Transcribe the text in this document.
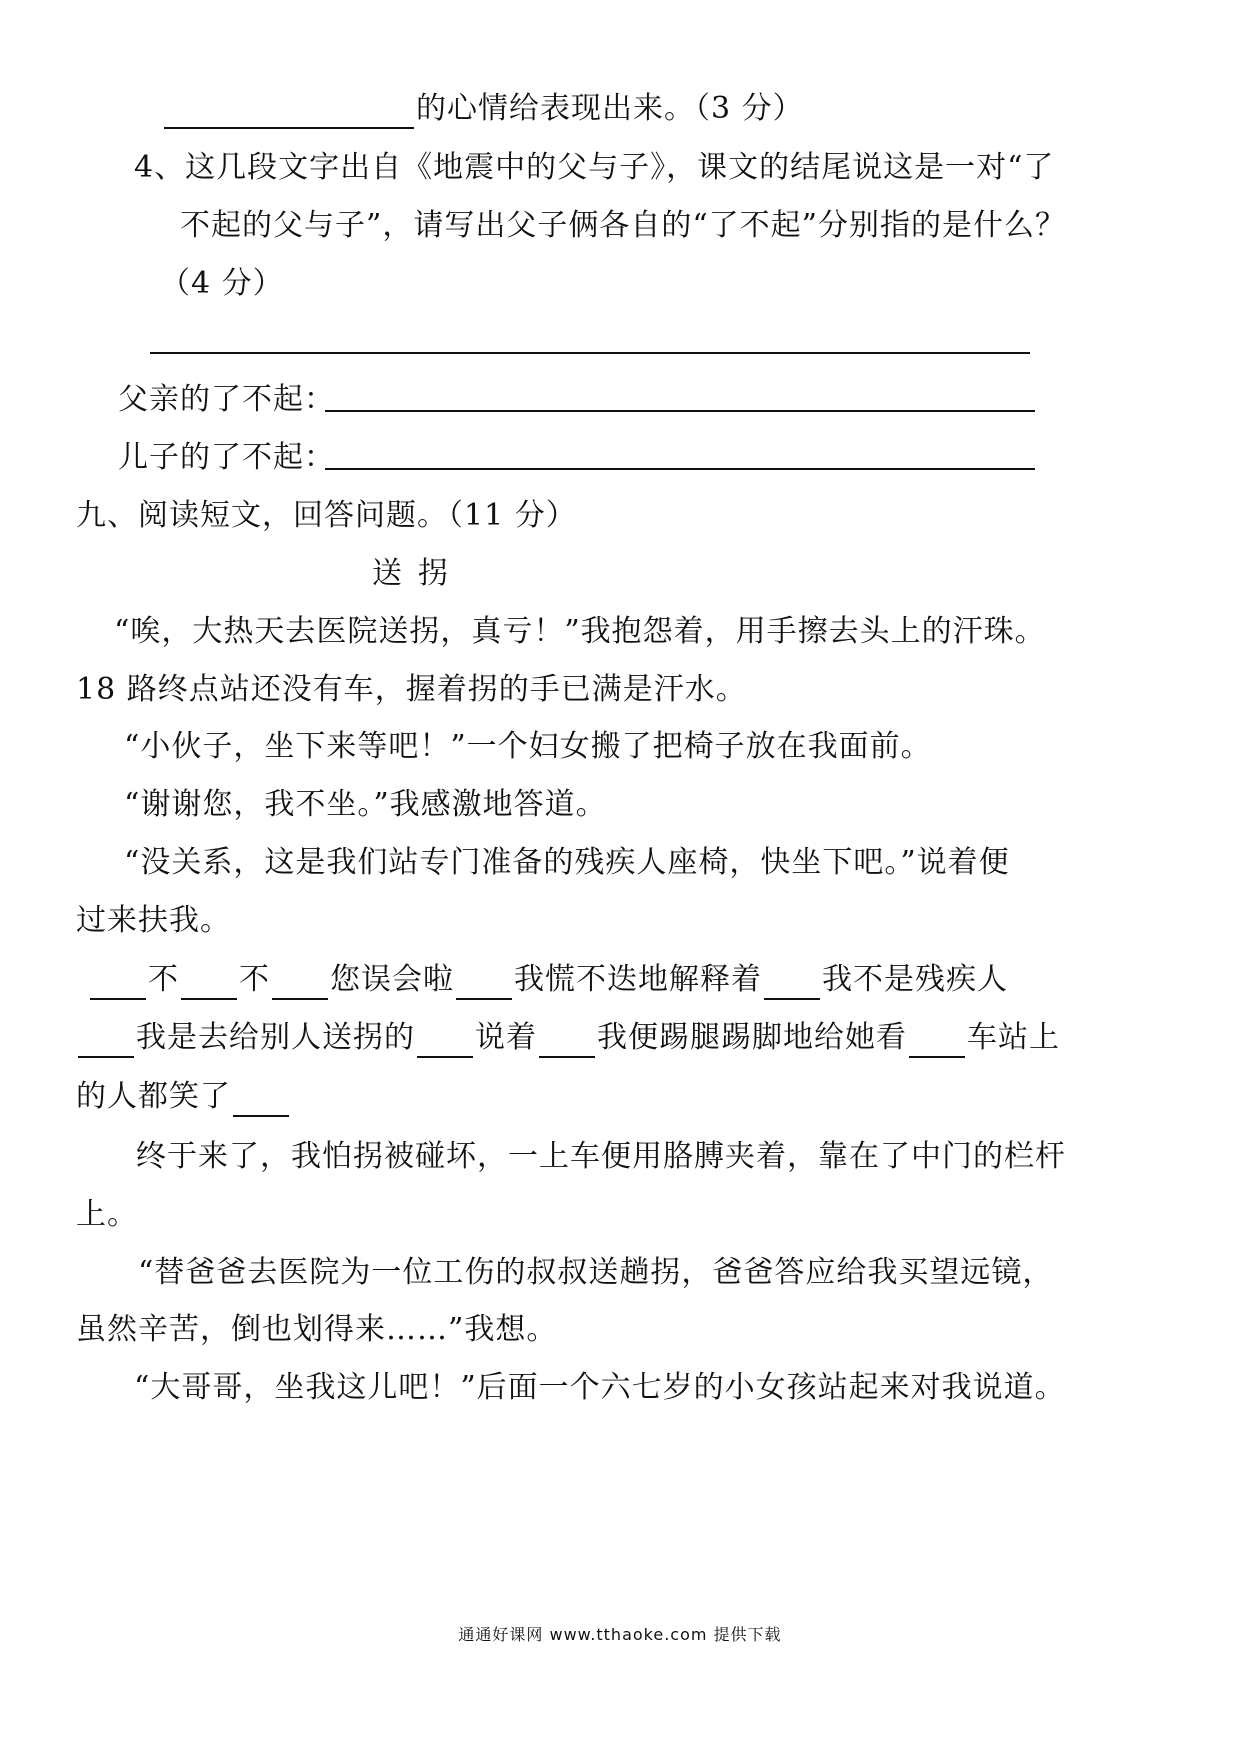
的心情给表现出来。（3 分）
4、这几段文字出自《地震中的父与子》，课文的结尾说这是一对“了
不起的父与子”，请写出父子俩各自的“了不起”分别指的是什么？
（4 分）
父亲的了不起：
儿子的了不起：
九、阅读短文，回答问题。（11 分）
送拐
“唉，大热天去医院送拐，真亏！”我抱怨着，用手擦去头上的汗珠。
18 路终点站还没有车，握着拐的手已满是汗水。
“小伙子，坐下来等吧！”一个妇女搬了把椅子放在我面前。
“谢谢您，我不坐。”我感激地答道。
“没关系，这是我们站专门准备的残疾人座椅，快坐下吧。”说着便
过来扶我。
不 不 您误会啦 我慌不迭地解释着 我不是残疾人
我是去给别人送拐的 说着 我便踢腿踢脚地给她看 车站上
的人都笑了
终于来了，我怕拐被碰坏，一上车便用胳膊夹着，靠在了中门的栏杆
上。
“替爸爸去医院为一位工伤的叔叔送趟拐，爸爸答应给我买望远镜，
虽然辛苦，倒也划得来……”我想。
“大哥哥，坐我这儿吧！”后面一个六七岁的小女孩站起来对我说道。
通通好课网 www.tthaoke.com 提供下载
